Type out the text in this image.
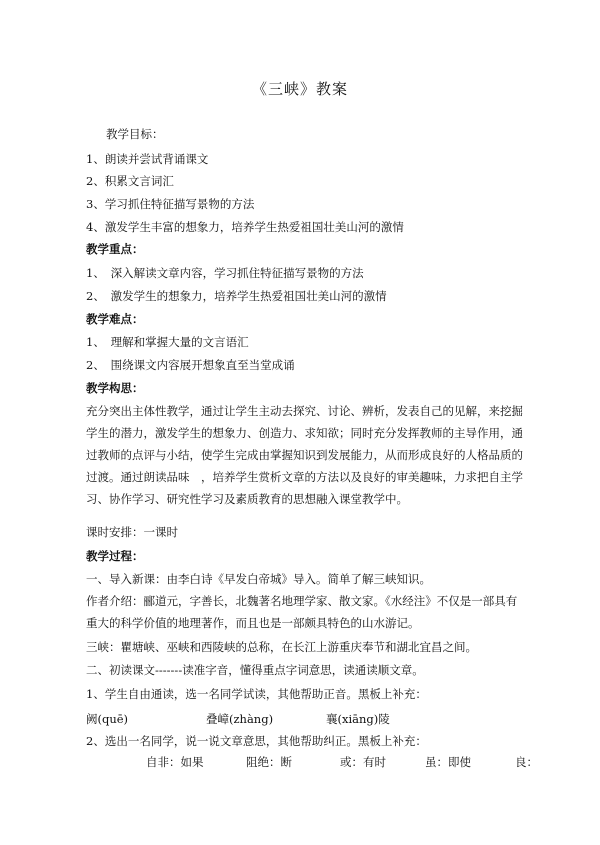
《三峡》教案
教学目标：
1、朗读并尝试背诵课文
2、积累文言词汇
3、学习抓住特征描写景物的方法
4、激发学生丰富的想象力，培养学生热爱祖国壮美山河的激情
教学重点：
1、　深入解读文章内容，学习抓住特征描写景物的方法
2、　激发学生的想象力，培养学生热爱祖国壮美山河的激情
教学难点：
1、　理解和掌握大量的文言语汇
2、　围绕课文内容展开想象直至当堂成诵
教学构思：
充分突出主体性教学，通过让学生主动去探究、讨论、辨析，发表自己的见解，来挖掘
学生的潜力，激发学生的想象力、创造力、求知欲；同时充分发挥教师的主导作用，通
过教师的点评与小结，使学生完成由掌握知识到发展能力，从而形成良好的人格品质的
过渡。通过朗读品味　，培养学生赏析文章的方法以及良好的审美趣味，力求把自主学
习、协作学习、研究性学习及素质教育的思想融入课堂教学中。
课时安排：一课时
教学过程：
一、导入新课：由李白诗《早发白帝城》导入。简单了解三峡知识。
作者介绍：郦道元，字善长，北魏著名地理学家、散文家。《水经注》不仅是一部具有
重大的科学价值的地理著作，而且也是一部颇具特色的山水游记。
三峡：瞿塘峡、巫峡和西陵峡的总称，在长江上游重庆奉节和湖北宜昌之间。
二、初读课文-------读准字音，懂得重点字词意思，读通读顺文章。
1、学生自由通读，选一名同学试读，其他帮助正音。黑板上补充：
阙(quē)	叠嶂(zhàng)	襄(xiāng)陵
2、选出一名同学，说一说文章意思，其他帮助纠正。黑板上补充：
自非：如果	阻绝：断	或：有时	虽：即使	良：
